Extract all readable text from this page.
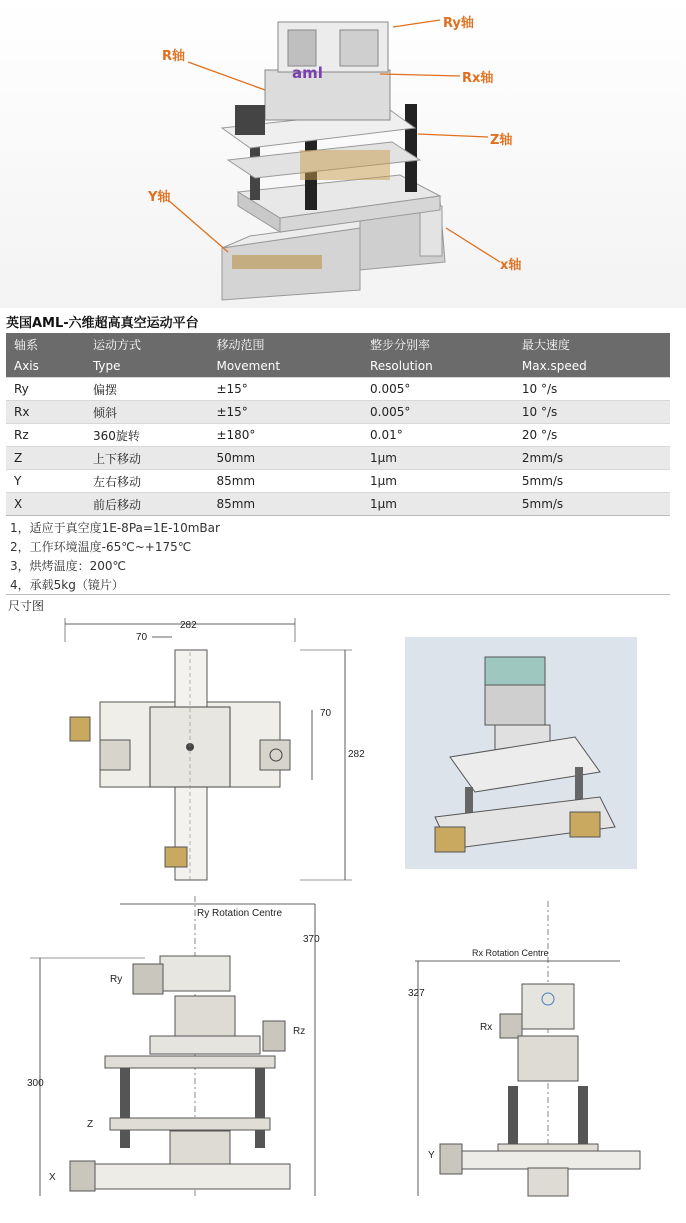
aml
Ry轴
R轴
Rx轴
Z轴
Y轴
x轴
英国AML-六维超高真空运动平台
轴系	运动方式	移动范围	整步分别率	最大速度
Axis	Type	Movement	Resolution	Max.speed
Ry	偏摆	±15°	0.005°	10 °/s
Rx	倾斜	±15°	0.005°	10 °/s
Rz	360旋转	±180°	0.01°	20 °/s
Z	上下移动	50mm	1μm	2mm/s
Y	左右移动	85mm	1μm	5mm/s
X	前后移动	85mm	1μm	5mm/s
1，适应于真空度1E-8Pa=1E-10mBar
2，工作环境温度-65℃~+175℃
3，烘烤温度：200℃
4，承载5kg（镜片）
尺寸图
282
70
282
70
Ry Rotation Centre
370
300
Ry
Rz
Z
X
Rx Rotation Centre
327
Rx
Y
